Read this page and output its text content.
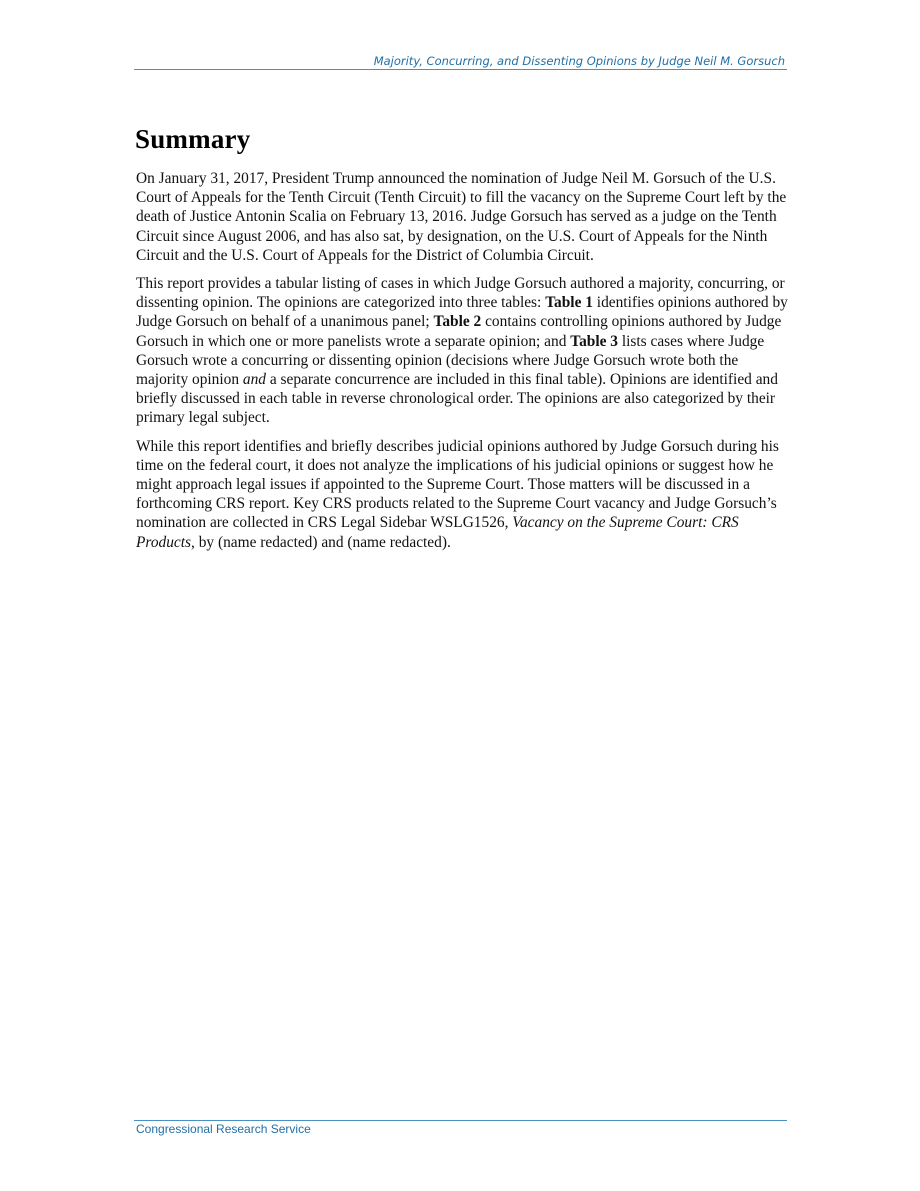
Majority, Concurring, and Dissenting Opinions by Judge Neil M. Gorsuch
Summary

On January 31, 2017, President Trump announced the nomination of Judge Neil M. Gorsuch of the U.S. Court of Appeals for the Tenth Circuit (Tenth Circuit) to fill the vacancy on the Supreme Court left by the death of Justice Antonin Scalia on February 13, 2016. Judge Gorsuch has served as a judge on the Tenth Circuit since August 2006, and has also sat, by designation, on the U.S. Court of Appeals for the Ninth Circuit and the U.S. Court of Appeals for the District of Columbia Circuit.

This report provides a tabular listing of cases in which Judge Gorsuch authored a majority, concurring, or dissenting opinion. The opinions are categorized into three tables: Table 1 identifies opinions authored by Judge Gorsuch on behalf of a unanimous panel; Table 2 contains controlling opinions authored by Judge Gorsuch in which one or more panelists wrote a separate opinion; and Table 3 lists cases where Judge Gorsuch wrote a concurring or dissenting opinion (decisions where Judge Gorsuch wrote both the majority opinion and a separate concurrence are included in this final table). Opinions are identified and briefly discussed in each table in reverse chronological order. The opinions are also categorized by their primary legal subject.

While this report identifies and briefly describes judicial opinions authored by Judge Gorsuch during his time on the federal court, it does not analyze the implications of his judicial opinions or suggest how he might approach legal issues if appointed to the Supreme Court. Those matters will be discussed in a forthcoming CRS report. Key CRS products related to the Supreme Court vacancy and Judge Gorsuch’s nomination are collected in CRS Legal Sidebar WSLG1526, Vacancy on the Supreme Court: CRS Products, by (name redacted) and (name redacted).

Congressional Research Service
